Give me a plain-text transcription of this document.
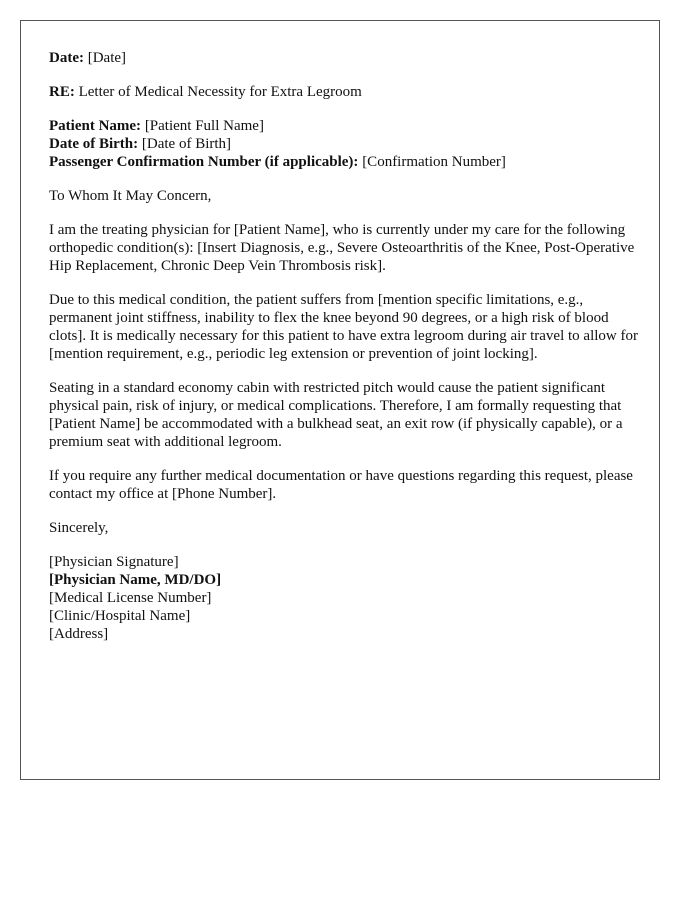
Date: [Date]

RE: Letter of Medical Necessity for Extra Legroom

Patient Name: [Patient Full Name]
Date of Birth: [Date of Birth]
Passenger Confirmation Number (if applicable): [Confirmation Number]

To Whom It May Concern,

I am the treating physician for [Patient Name], who is currently under my care for the following orthopedic condition(s): [Insert Diagnosis, e.g., Severe Osteoarthritis of the Knee, Post-Operative Hip Replacement, Chronic Deep Vein Thrombosis risk].

Due to this medical condition, the patient suffers from [mention specific limitations, e.g., permanent joint stiffness, inability to flex the knee beyond 90 degrees, or a high risk of blood clots]. It is medically necessary for this patient to have extra legroom during air travel to allow for [mention requirement, e.g., periodic leg extension or prevention of joint locking].

Seating in a standard economy cabin with restricted pitch would cause the patient significant physical pain, risk of injury, or medical complications. Therefore, I am formally requesting that [Patient Name] be accommodated with a bulkhead seat, an exit row (if physically capable), or a premium seat with additional legroom.

If you require any further medical documentation or have questions regarding this request, please contact my office at [Phone Number].

Sincerely,

[Physician Signature]
[Physician Name, MD/DO]
[Medical License Number]
[Clinic/Hospital Name]
[Address]
